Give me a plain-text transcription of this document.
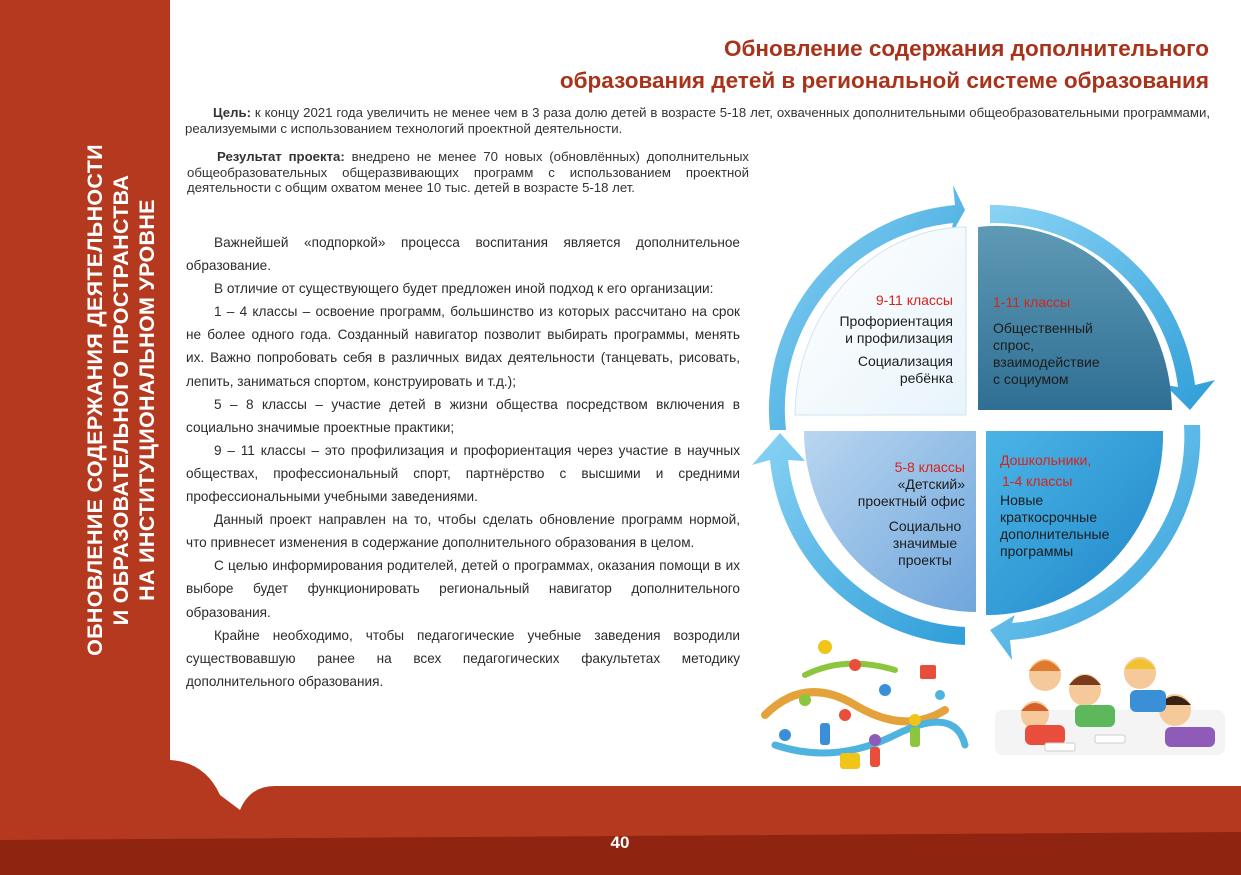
ОБНОВЛЕНИЕ СОДЕРЖАНИЯ ДЕЯТЕЛЬНОСТИ И ОБРАЗОВАТЕЛЬНОГО ПРОСТРАНСТВА НА ИНСТИТУЦИОНАЛЬНОМ УРОВНЕ
40
Обновление содержания дополнительного
образования детей в региональной системе образования
Цель: к концу 2021 года увеличить не менее чем в 3 раза долю детей в возрасте 5-18 лет, охваченных дополнительными общеобразовательными программами, реализуемыми с использованием технологий проектной деятельности.
Результат проекта: внедрено не менее 70 новых (обновлённых) дополнительных общеобразовательных общеразвивающих программ с использованием проектной деятельности с общим охватом менее 10 тыс. детей в возрасте 5-18 лет.

Важнейшей «подпоркой» процесса воспитания является дополнительное образование.

В отличие от существующего будет предложен иной подход к его организации:

1 – 4 классы – освоение программ, большинство из которых рассчитано на срок не более одного года. Созданный навигатор позволит выбирать программы, менять их. Важно попробовать себя в различных видах деятельности (танцевать, рисовать, лепить, заниматься спортом, конструировать и т.д.);

5 – 8 классы – участие детей в жизни общества посредством включения в социально значимые проектные практики;

9 – 11 классы – это профилизация и профориентация через участие в научных обществах, профессиональный спорт, партнёрство с высшими и средними профессиональными учебными заведениями.

Данный проект направлен на то, чтобы сделать обновление программ нормой, что привнесет изменения в содержание дополнительного образования в целом.

С целью информирования родителей, детей о программах, оказания помощи в их выборе будет функционировать региональный навигатор дополнительного образования.

Крайне необходимо, чтобы педагогические учебные заведения возродили существовавшую ранее на всех педагогических факультетах методику дополнительного образования.

9-11 классы
Профориентация
и профилизация
Социализация
ребёнка
1-11 классы
Общественный
спрос,
взаимодействие
с социумом
5-8 классы
«Детский»
проектный офис
Социально
значимые
проекты
Дошкольники,
1-4 классы
Новые
краткосрочные
дополнительные
программы
